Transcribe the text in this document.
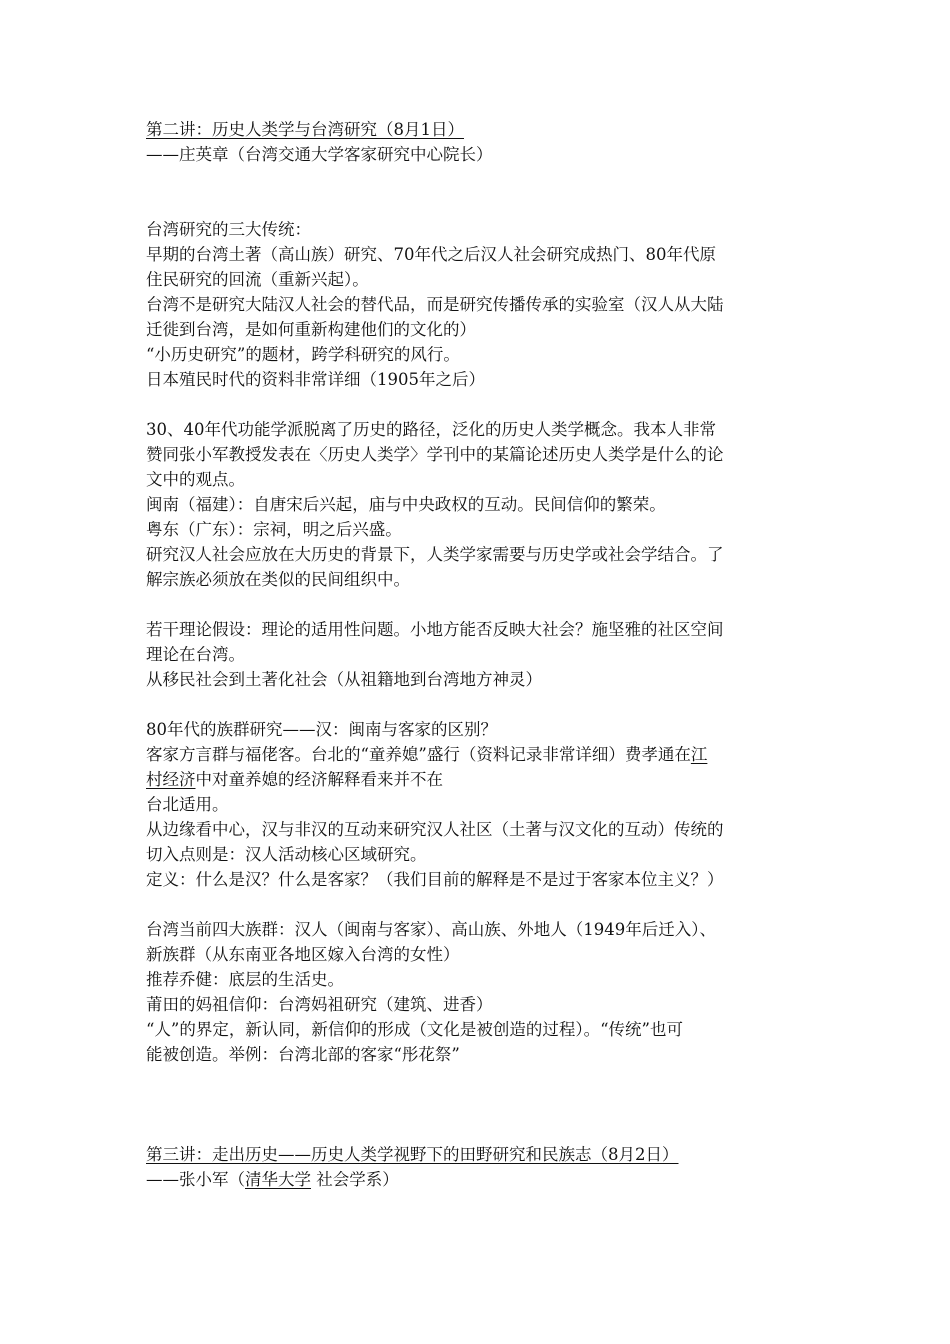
第二讲：历史人类学与台湾研究（8月1日）
——庄英章（台湾交通大学客家研究中心院长）
台湾研究的三大传统：
早期的台湾土著（高山族）研究、70年代之后汉人社会研究成热门、80年代原
住民研究的回流（重新兴起）。
台湾不是研究大陆汉人社会的替代品，而是研究传播传承的实验室（汉人从大陆
迁徙到台湾，是如何重新构建他们的文化的）
“小历史研究”的题材，跨学科研究的风行。
日本殖民时代的资料非常详细（1905年之后）
30、40年代功能学派脱离了历史的路径，泛化的历史人类学概念。我本人非常
赞同张小军教授发表在〈历史人类学〉学刊中的某篇论述历史人类学是什么的论
文中的观点。
闽南（福建）：自唐宋后兴起，庙与中央政权的互动。民间信仰的繁荣。
粤东（广东）：宗祠，明之后兴盛。
研究汉人社会应放在大历史的背景下，人类学家需要与历史学或社会学结合。了
解宗族必须放在类似的民间组织中。
若干理论假设：理论的适用性问题。小地方能否反映大社会？施坚雅的社区空间
理论在台湾。
从移民社会到土著化社会（从祖籍地到台湾地方神灵）
80年代的族群研究——汉：闽南与客家的区别？
客家方言群与福佬客。台北的“童养媳”盛行（资料记录非常详细）费孝通在江
村经济中对童养媳的经济解释看来并不在
台北适用。
从边缘看中心，汉与非汉的互动来研究汉人社区（土著与汉文化的互动）传统的
切入点则是：汉人活动核心区域研究。
定义：什么是汉？什么是客家？（我们目前的解释是不是过于客家本位主义？）
台湾当前四大族群：汉人（闽南与客家）、高山族、外地人（1949年后迁入）、
新族群（从东南亚各地区嫁入台湾的女性）
推荐乔健：底层的生活史。
莆田的妈祖信仰：台湾妈祖研究（建筑、进香）
“人”的界定，新认同，新信仰的形成（文化是被创造的过程）。“传统”也可
能被创造。举例：台湾北部的客家“彤花祭”
第三讲：走出历史——历史人类学视野下的田野研究和民族志（8月2日）
——张小军（清华大学 社会学系）
